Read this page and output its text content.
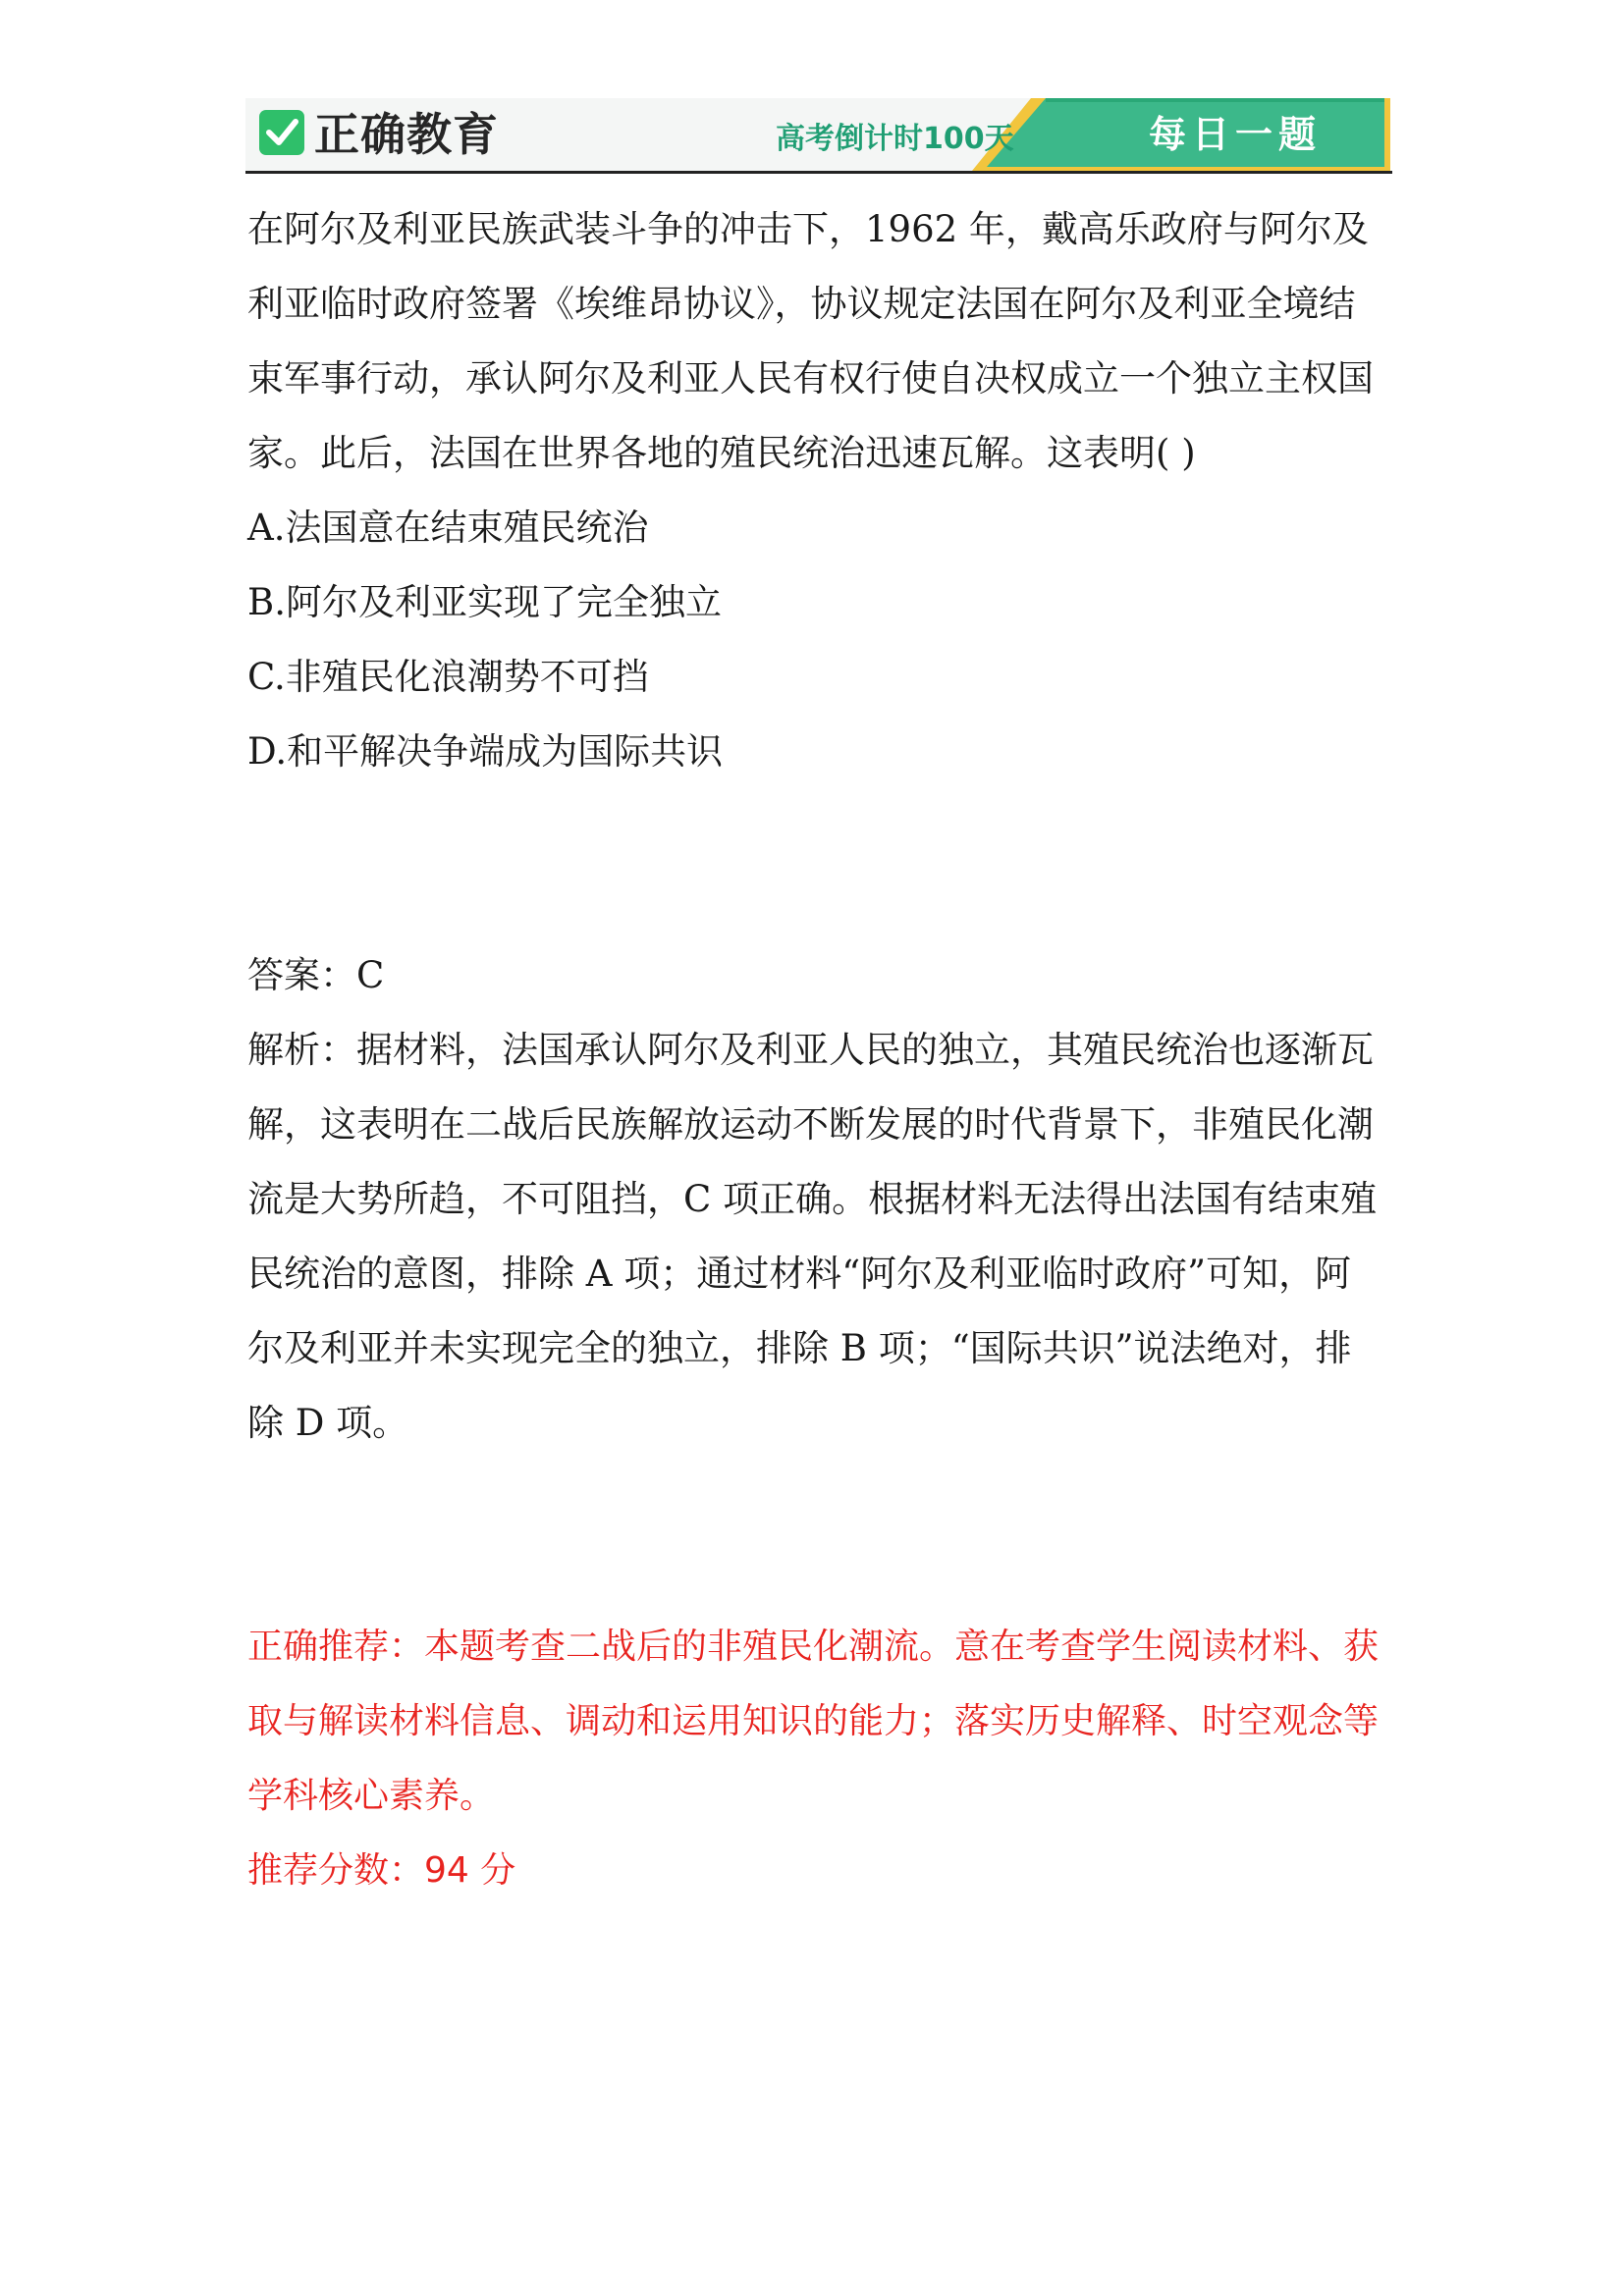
正确教育	高考倒计时100天	每日一题

在阿尔及利亚民族武装斗争的冲击下，1962 年，戴高乐政府与阿尔及利亚临时政府签署《埃维昂协议》，协议规定法国在阿尔及利亚全境结束军事行动，承认阿尔及利亚人民有权行使自决权成立一个独立主权国家。此后，法国在世界各地的殖民统治迅速瓦解。这表明( )

A.法国意在结束殖民统治

B.阿尔及利亚实现了完全独立

C.非殖民化浪潮势不可挡

D.和平解决争端成为国际共识

答案：C

解析：据材料，法国承认阿尔及利亚人民的独立，其殖民统治也逐渐瓦解，这表明在二战后民族解放运动不断发展的时代背景下，非殖民化潮流是大势所趋，不可阻挡，C 项正确。根据材料无法得出法国有结束殖民统治的意图，排除 A 项；通过材料“阿尔及利亚临时政府”可知，阿尔及利亚并未实现完全的独立，排除 B 项；“国际共识”说法绝对，排除 D 项。

正确推荐：本题考查二战后的非殖民化潮流。意在考查学生阅读材料、获取与解读材料信息、调动和运用知识的能力；落实历史解释、时空观念等学科核心素养。

推荐分数：94 分
